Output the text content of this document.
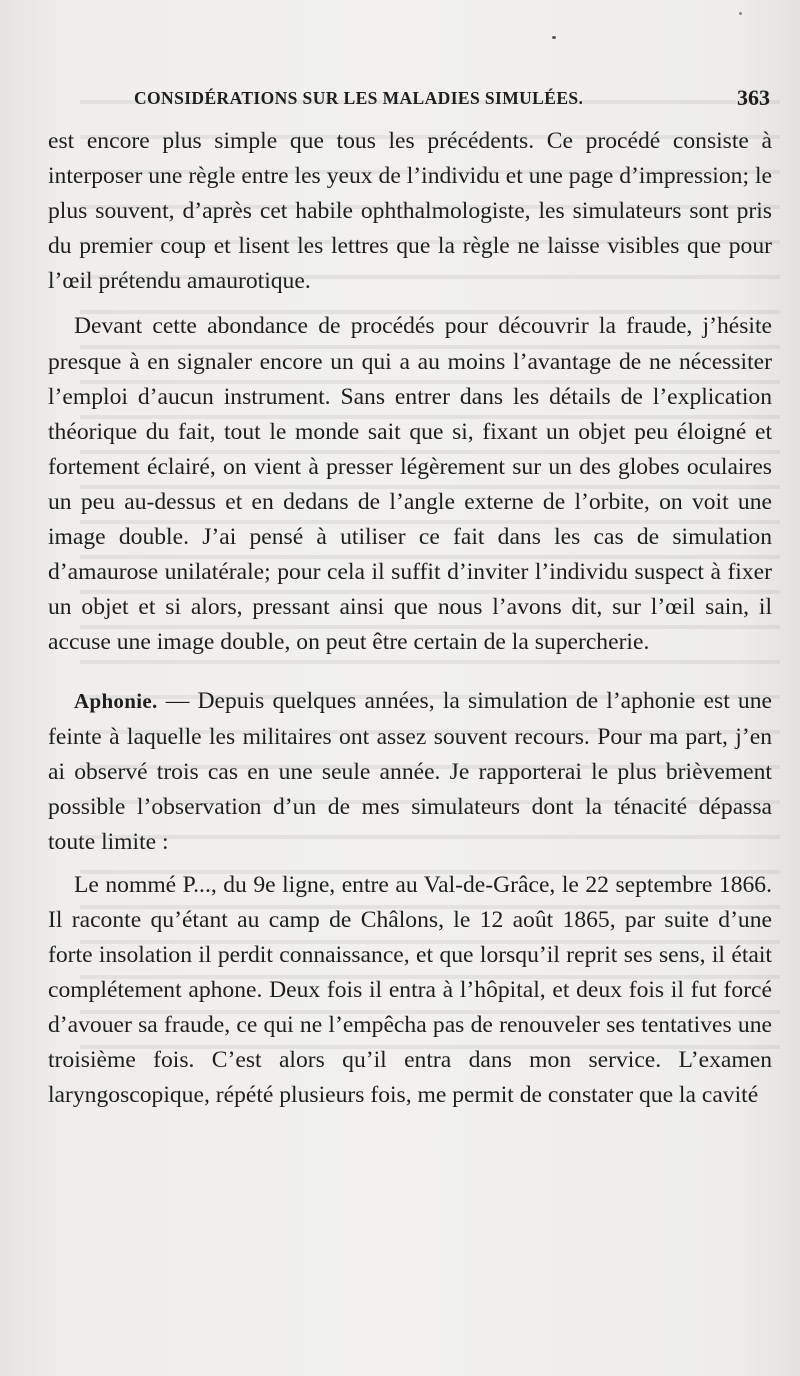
CONSIDÉRATIONS SUR LES MALADIES SIMULÉES.	363

est encore plus simple que tous les précédents. Ce procédé consiste à interposer une règle entre les yeux de l’individu et une page d’impression; le plus souvent, d’après cet habile ophthalmologiste, les simulateurs sont pris du premier coup et lisent les lettres que la règle ne laisse visibles que pour l’œil prétendu amaurotique.

Devant cette abondance de procédés pour découvrir la fraude, j’hésite presque à en signaler encore un qui a au moins l’avantage de ne nécessiter l’emploi d’aucun instrument. Sans entrer dans les détails de l’explication théorique du fait, tout le monde sait que si, fixant un objet peu éloigné et fortement éclairé, on vient à presser légèrement sur un des globes oculaires un peu au-dessus et en dedans de l’angle externe de l’orbite, on voit une image double. J’ai pensé à utiliser ce fait dans les cas de simulation d’amaurose unilatérale; pour cela il suffit d’inviter l’individu suspect à fixer un objet et si alors, pressant ainsi que nous l’avons dit, sur l’œil sain, il accuse une image double, on peut être certain de la supercherie.

Aphonie. — Depuis quelques années, la simulation de l’aphonie est une feinte à laquelle les militaires ont assez souvent recours. Pour ma part, j’en ai observé trois cas en une seule année. Je rapporterai le plus brièvement possible l’observation d’un de mes simulateurs dont la ténacité dépassa toute limite :

Le nommé P..., du 9e ligne, entre au Val-de-Grâce, le 22 septembre 1866. Il raconte qu’étant au camp de Châlons, le 12 août 1865, par suite d’une forte insolation il perdit connaissance, et que lorsqu’il reprit ses sens, il était complétement aphone. Deux fois il entra à l’hôpital, et deux fois il fut forcé d’avouer sa fraude, ce qui ne l’empêcha pas de renouveler ses tentatives une troisième fois. C’est alors qu’il entra dans mon service. L’examen laryngoscopique, répété plusieurs fois, me permit de constater que la cavité
